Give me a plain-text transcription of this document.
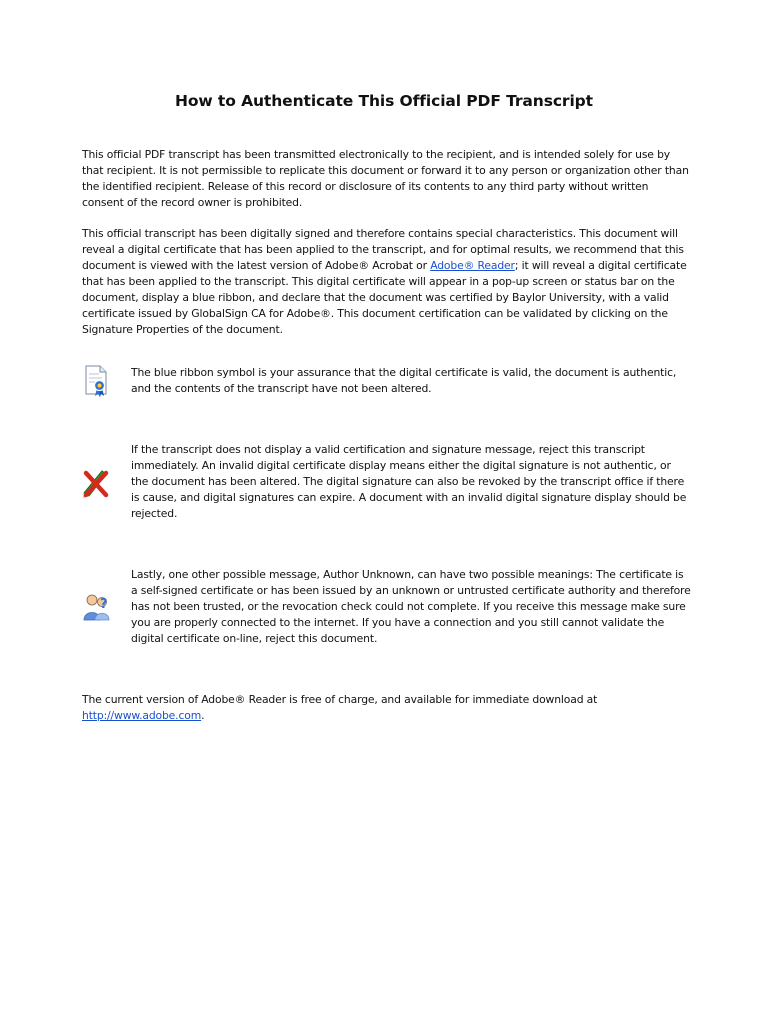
How to Authenticate This Official PDF Transcript

This official PDF transcript has been transmitted electronically to the recipient, and is intended solely for use by that recipient. It is not permissible to replicate this document or forward it to any person or organization other than the identified recipient. Release of this record or disclosure of its contents to any third party without written consent of the record owner is prohibited.

This official transcript has been digitally signed and therefore contains special characteristics. This document will reveal a digital certificate that has been applied to the transcript, and for optimal results, we recommend that this document is viewed with the latest version of Adobe® Acrobat or Adobe® Reader; it will reveal a digital certificate that has been applied to the transcript. This digital certificate will appear in a pop-up screen or status bar on the document, display a blue ribbon, and declare that the document was certified by Baylor University, with a valid certificate issued by GlobalSign CA for Adobe®. This document certification can be validated by clicking on the Signature Properties of the document.

The blue ribbon symbol is your assurance that the digital certificate is valid, the document is authentic, and the contents of the transcript have not been altered.

If the transcript does not display a valid certification and signature message, reject this transcript immediately. An invalid digital certificate display means either the digital signature is not authentic, or the document has been altered. The digital signature can also be revoked by the transcript office if there is cause, and digital signatures can expire. A document with an invalid digital signature display should be rejected.

?

Lastly, one other possible message, Author Unknown, can have two possible meanings: The certificate is a self-signed certificate or has been issued by an unknown or untrusted certificate authority and therefore has not been trusted, or the revocation check could not complete. If you receive this message make sure you are properly connected to the internet. If you have a connection and you still cannot validate the digital certificate on-line, reject this document.

The current version of Adobe® Reader is free of charge, and available for immediate download at http://www.adobe.com.
